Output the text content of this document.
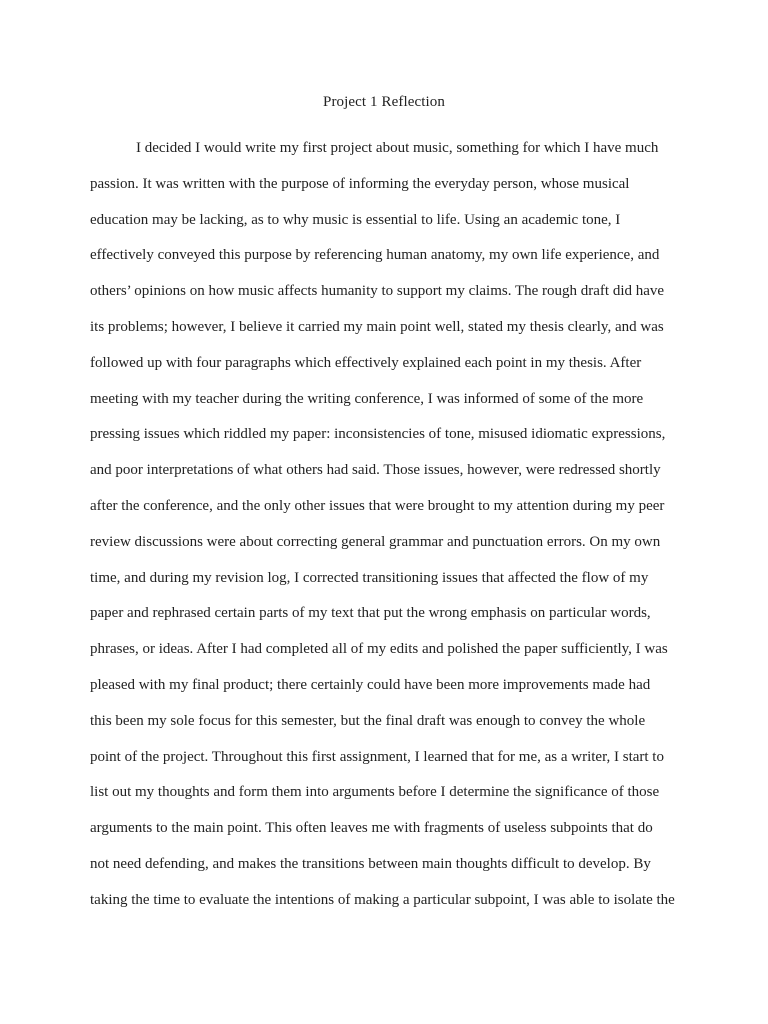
Project 1 Reflection
I decided I would write my first project about music, something for which I have much
passion. It was written with the purpose of informing the everyday person, whose musical
education may be lacking, as to why music is essential to life. Using an academic tone, I
effectively conveyed this purpose by referencing human anatomy, my own life experience, and
others’ opinions on how music affects humanity to support my claims. The rough draft did have
its problems; however, I believe it carried my main point well, stated my thesis clearly, and was
followed up with four paragraphs which effectively explained each point in my thesis. After
meeting with my teacher during the writing conference, I was informed of some of the more
pressing issues which riddled my paper: inconsistencies of tone, misused idiomatic expressions,
and poor interpretations of what others had said. Those issues, however, were redressed shortly
after the conference, and the only other issues that were brought to my attention during my peer
review discussions were about correcting general grammar and punctuation errors. On my own
time, and during my revision log, I corrected transitioning issues that affected the flow of my
paper and rephrased certain parts of my text that put the wrong emphasis on particular words,
phrases, or ideas. After I had completed all of my edits and polished the paper sufficiently, I was
pleased with my final product; there certainly could have been more improvements made had
this been my sole focus for this semester, but the final draft was enough to convey the whole
point of the project. Throughout this first assignment, I learned that for me, as a writer, I start to
list out my thoughts and form them into arguments before I determine the significance of those
arguments to the main point. This often leaves me with fragments of useless subpoints that do
not need defending, and makes the transitions between main thoughts difficult to develop. By
taking the time to evaluate the intentions of making a particular subpoint, I was able to isolate the
